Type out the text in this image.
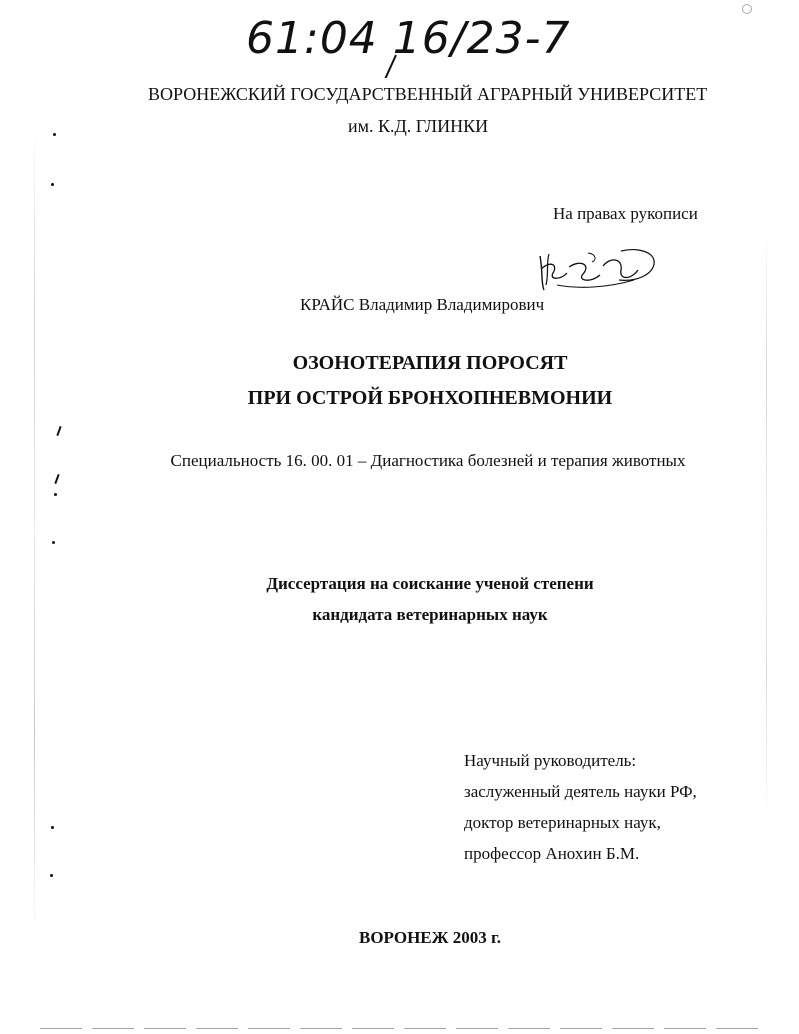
61:04 16/23-7
ВОРОНЕЖСКИЙ ГОСУДАРСТВЕННЫЙ АГРАРНЫЙ УНИВЕРСИТЕТ
им. К.Д. ГЛИНКИ
На правах рукописи
КРАЙС Владимир Владимирович
ОЗОНОТЕРАПИЯ ПОРОСЯТ
ПРИ ОСТРОЙ БРОНХОПНЕВМОНИИ
Специальность 16. 00. 01 – Диагностика болезней и терапия животных
Диссертация на соискание ученой степени
кандидата ветеринарных наук
Научный руководитель:
заслуженный деятель науки РФ,
доктор ветеринарных наук,
профессор Анохин Б.М.
ВОРОНЕЖ 2003 г.
